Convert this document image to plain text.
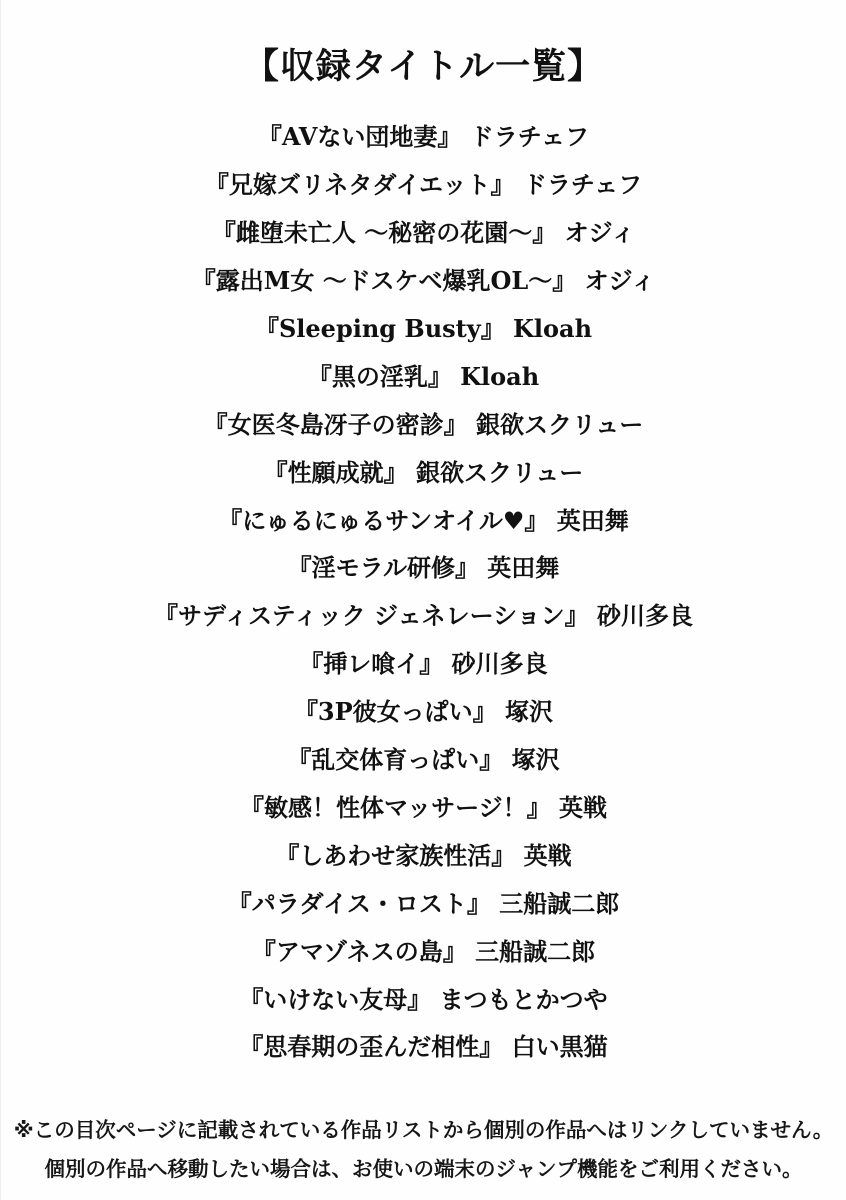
【収録タイトル一覧】
『AVない団地妻』 ドラチェフ
『兄嫁ズリネタダイエット』 ドラチェフ
『雌堕未亡人 ～秘密の花園～』 オジィ
『露出M女 ～ドスケベ爆乳OL～』 オジィ
『Sleeping Busty』 Kloah
『黒の淫乳』 Kloah
『女医冬島冴子の密診』 銀欲スクリュー
『性願成就』 銀欲スクリュー
『にゅるにゅるサンオイル♥』 英田舞
『淫モラル研修』 英田舞
『サディスティック ジェネレーション』 砂川多良
『挿レ喰イ』 砂川多良
『3P彼女っぱい』 塚沢
『乱交体育っぱい』 塚沢
『敏感！性体マッサージ！』 英戦
『しあわせ家族性活』 英戦
『パラダイス・ロスト』 三船誠二郎
『アマゾネスの島』 三船誠二郎
『いけない友母』 まつもとかつや
『思春期の歪んだ相性』 白い黒猫

※この目次ページに記載されている作品リストから個別の作品へはリンクしていません。

個別の作品へ移動したい場合は、お使いの端末のジャンプ機能をご利用ください。
